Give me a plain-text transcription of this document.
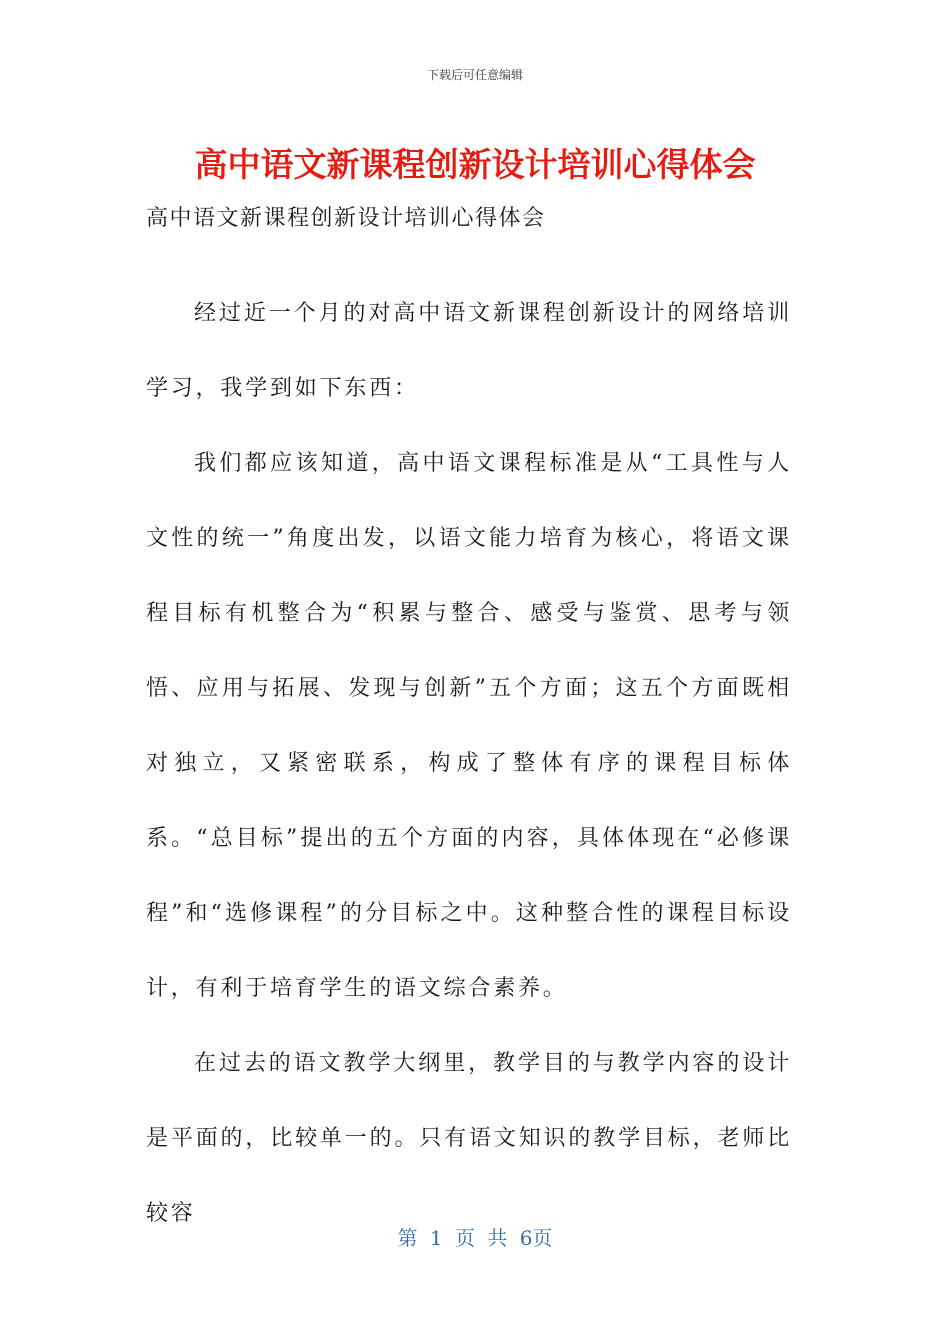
下载后可任意编辑
高中语文新课程创新设计培训心得体会

高中语文新课程创新设计培训心得体会

经过近一个月的对高中语文新课程创新设计的网络培训学习，我学到如下东西：

我们都应该知道，高中语文课程标准是从“工具性与人文性的统一”角度出发，以语文能力培育为核心，将语文课程目标有机整合为“积累与整合、感受与鉴赏、思考与领悟、应用与拓展、发现与创新”五个方面；这五个方面既相对独立，又紧密联系，构成了整体有序的课程目标体系。“总目标”提出的五个方面的内容，具体体现在“必修课程”和“选修课程”的分目标之中。这种整合性的课程目标设计，有利于培育学生的语文综合素养。

在过去的语文教学大纲里，教学目的与教学内容的设计是平面的，比较单一的。只有语文知识的教学目标，老师比较容

第 1 页 共 6页
